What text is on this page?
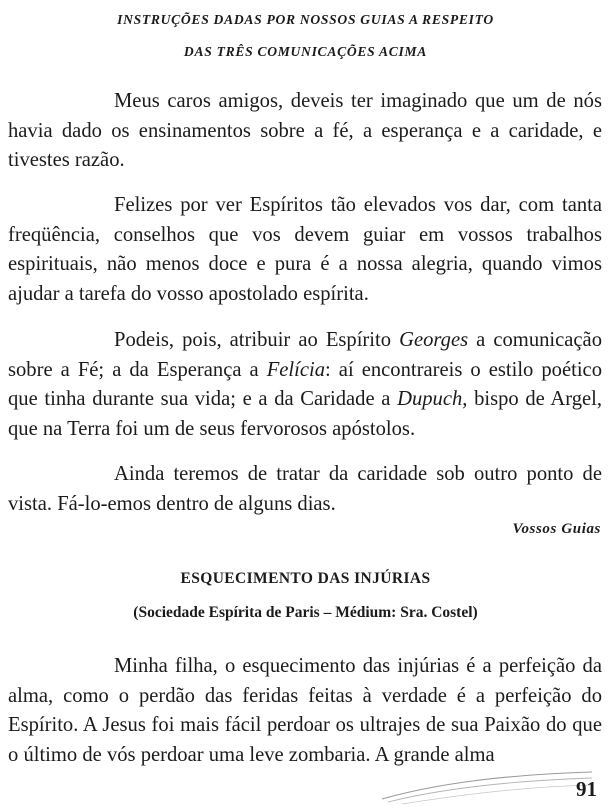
INSTRUÇÕES DADAS POR NOSSOS GUIAS A RESPEITO
DAS TRÊS COMUNICAÇÕES ACIMA

Meus caros amigos, deveis ter imaginado que um de nós havia dado os ensinamentos sobre a fé, a esperança e a caridade, e tivestes razão.

Felizes por ver Espíritos tão elevados vos dar, com tanta freqüência, conselhos que vos devem guiar em vossos trabalhos espirituais, não menos doce e pura é a nossa alegria, quando vimos ajudar a tarefa do vosso apostolado espírita.

Podeis, pois, atribuir ao Espírito Georges a comunicação sobre a Fé; a da Esperança a Felícia: aí encontrareis o estilo poético que tinha durante sua vida; e a da Caridade a Dupuch, bispo de Argel, que na Terra foi um de seus fervorosos apóstolos.

Ainda teremos de tratar da caridade sob outro ponto de vista. Fá-lo-emos dentro de alguns dias.

Vossos Guias
ESQUECIMENTO DAS INJÚRIAS
(Sociedade Espírita de Paris – Médium: Sra. Costel)

Minha filha, o esquecimento das injúrias é a perfeição da alma, como o perdão das feridas feitas à verdade é a perfeição do Espírito. A Jesus foi mais fácil perdoar os ultrajes de sua Paixão do que o último de vós perdoar uma leve zombaria. A grande alma

91
